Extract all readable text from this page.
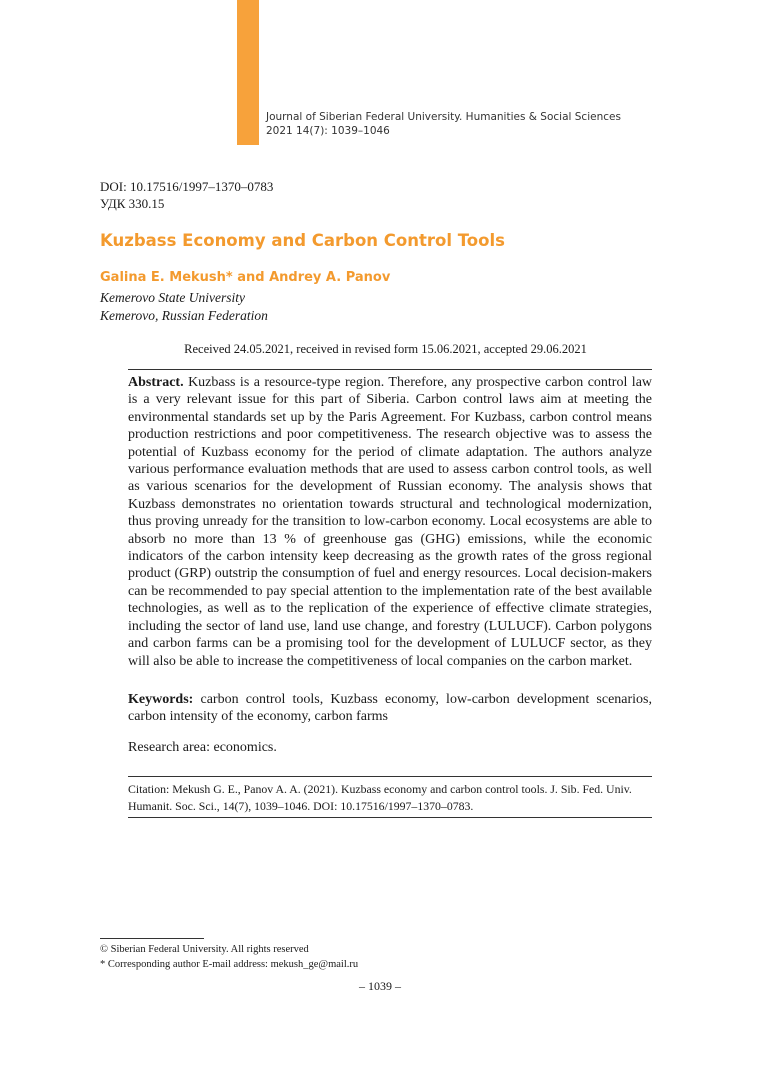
Journal of Siberian Federal University. Humanities & Social Sciences
2021 14(7): 1039–1046
DOI: 10.17516/1997–1370–0783
УДК 330.15
Kuzbass Economy and Carbon Control Tools
Galina E. Mekush* and Andrey A. Panov
Kemerovo State University
Kemerovo, Russian Federation
Received 24.05.2021, received in revised form 15.06.2021, accepted 29.06.2021
Abstract. Kuzbass is a resource-type region. Therefore, any prospective carbon control law is a very relevant issue for this part of Siberia. Carbon control laws aim at meeting the environmental standards set up by the Paris Agreement. For Kuzbass, carbon control means production restrictions and poor competitiveness. The research objective was to assess the potential of Kuzbass economy for the period of climate adaptation. The authors analyze various performance evaluation methods that are used to assess carbon control tools, as well as various scenarios for the development of Russian economy. The analysis shows that Kuzbass demonstrates no orientation towards structural and technological modernization, thus proving unready for the transition to low-carbon economy. Local ecosystems are able to absorb no more than 13 % of greenhouse gas (GHG) emissions, while the economic indicators of the carbon intensity keep decreasing as the growth rates of the gross regional product (GRP) outstrip the consumption of fuel and energy resources. Local decision-makers can be recommended to pay special attention to the implementation rate of the best available technologies, as well as to the replication of the experience of effective climate strategies, including the sector of land use, land use change, and forestry (LULUCF). Carbon polygons and carbon farms can be a promising tool for the development of LULUCF sector, as they will also be able to increase the competitiveness of local companies on the carbon market.
Keywords: carbon control tools, Kuzbass economy, low-carbon development scenarios, carbon intensity of the economy, carbon farms
Research area: economics.
Citation: Mekush G. E., Panov A. A. (2021). Kuzbass economy and carbon control tools. J. Sib. Fed. Univ. Humanit. Soc. Sci., 14(7), 1039–1046. DOI: 10.17516/1997–1370–0783.
© Siberian Federal University. All rights reserved
* Corresponding author E-mail address: mekush_ge@mail.ru
– 1039 –
